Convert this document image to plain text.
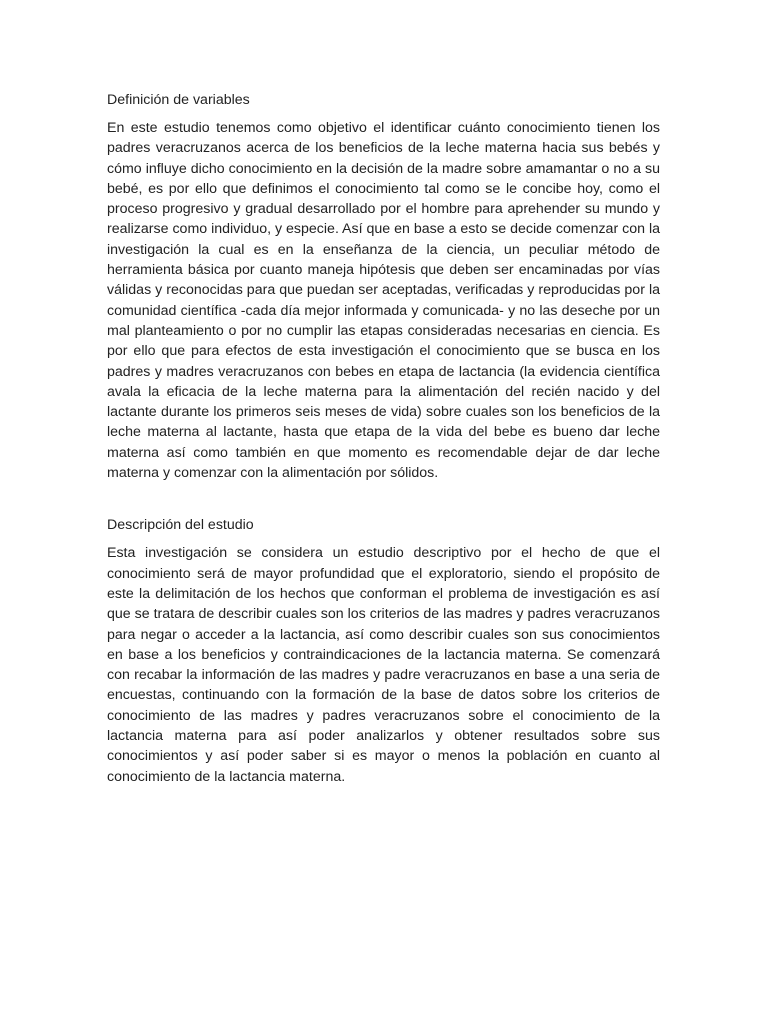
Definición de variables

En este estudio tenemos como objetivo el identificar cuánto conocimiento tienen los padres veracruzanos acerca de los beneficios de la leche materna hacia sus bebés y cómo influye dicho conocimiento en la decisión de la madre sobre amamantar o no a su bebé, es por ello que definimos el conocimiento tal como se le concibe hoy, como el proceso progresivo y gradual desarrollado por el hombre para aprehender su mundo y realizarse como individuo, y especie. Así que en base a esto se decide comenzar con la investigación la cual es en la enseñanza de la ciencia, un peculiar método de herramienta básica por cuanto maneja hipótesis que deben ser encaminadas por vías válidas y reconocidas para que puedan ser aceptadas, verificadas y reproducidas por la comunidad científica -cada día mejor informada y comunicada- y no las deseche por un mal planteamiento o por no cumplir las etapas consideradas necesarias en ciencia. Es por ello que para efectos de esta investigación el conocimiento que se busca en los padres y madres veracruzanos con bebes en etapa de lactancia (la evidencia científica avala la eficacia de la leche materna para la alimentación del recién nacido y del lactante durante los primeros seis meses de vida) sobre cuales son los beneficios de la leche materna al lactante, hasta que etapa de la vida del bebe es bueno dar leche materna así como también en que momento es recomendable dejar de dar leche materna y comenzar con la alimentación por sólidos.

Descripción del estudio

Esta investigación se considera un estudio descriptivo por el hecho de que el conocimiento será de mayor profundidad que el exploratorio, siendo el propósito de este la delimitación de los hechos que conforman el problema de investigación es así que se tratara de describir cuales son los criterios de las madres y padres veracruzanos para negar o acceder a la lactancia, así como describir cuales son sus conocimientos en base a los beneficios y contraindicaciones de la lactancia materna. Se comenzará con recabar la información de las madres y padre veracruzanos en base a una seria de encuestas, continuando con la formación de la base de datos sobre los criterios de conocimiento de las madres y padres veracruzanos sobre el conocimiento de la lactancia materna para así poder analizarlos y obtener resultados sobre sus conocimientos y así poder saber si es mayor o menos la población en cuanto al conocimiento de la lactancia materna.
